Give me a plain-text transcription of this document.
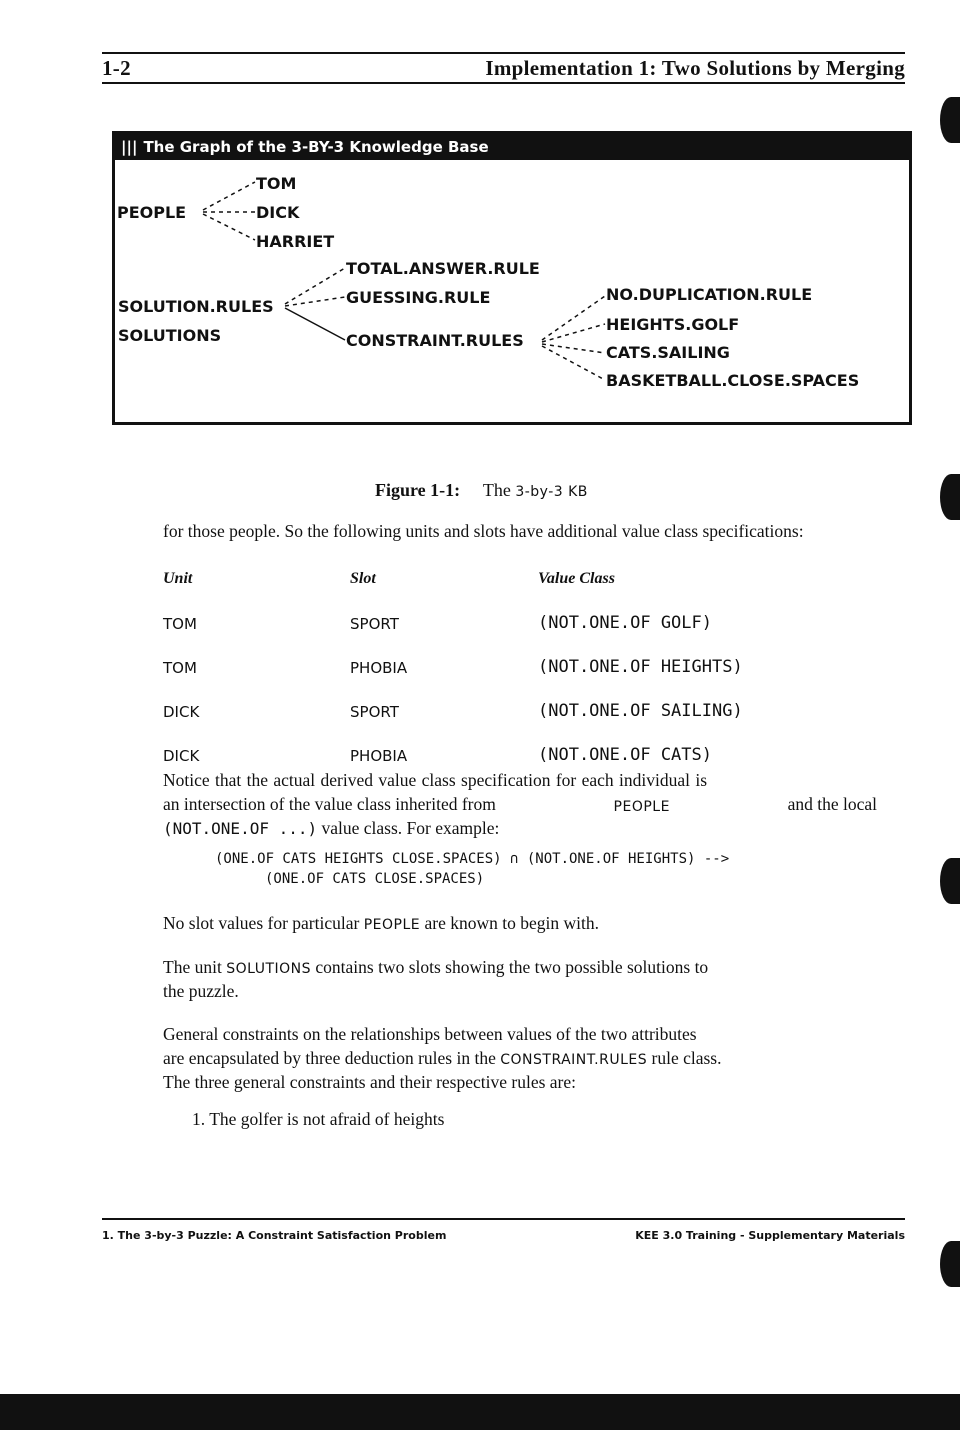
1-2	Implementation 1: Two Solutions by Merging
||| The Graph of the 3-BY-3 Knowledge Base
PEOPLE
TOM
DICK
HARRIET
SOLUTION.RULES
SOLUTIONS
TOTAL.ANSWER.RULE
GUESSING.RULE
CONSTRAINT.RULES
NO.DUPLICATION.RULE
HEIGHTS.GOLF
CATS.SAILING
BASKETBALL.CLOSE.SPACES
Figure 1-1: The 3-by-3 KB
for those people. So the following units and slots have additional value class specifications:
Unit	Slot	Value Class
TOM	SPORT	(NOT.ONE.OF GOLF)
TOM	PHOBIA	(NOT.ONE.OF HEIGHTS)
DICK	SPORT	(NOT.ONE.OF SAILING)
DICK	PHOBIA	(NOT.ONE.OF CATS)
Notice that the actual derived value class specification for each individual is
an intersection of the value class inherited from	PEOPLE	and the local
(NOT.ONE.OF ...) value class. For example:
(ONE.OF CATS HEIGHTS CLOSE.SPACES) ∩ (NOT.ONE.OF HEIGHTS) -->
(ONE.OF CATS CLOSE.SPACES)
No slot values for particular PEOPLE are known to begin with.
The unit SOLUTIONS contains two slots showing the two possible solutions to
the puzzle.
General constraints on the relationships between values of the two attributes
are encapsulated by three deduction rules in the CONSTRAINT.RULES rule class.
The three general constraints and their respective rules are:
1. The golfer is not afraid of heights
1. The 3-by-3 Puzzle: A Constraint Satisfaction Problem	KEE 3.0 Training - Supplementary Materials
